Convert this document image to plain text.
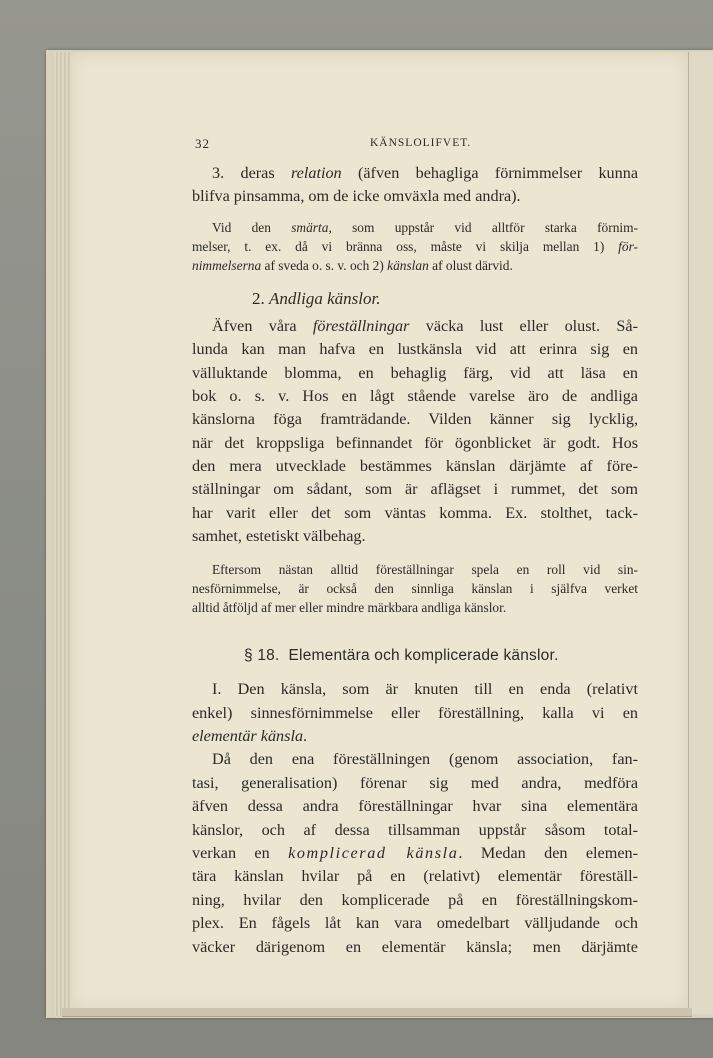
32	KÄNSLOLIFVET.
3. deras relation (äfven behagliga förnimmelser kunna
blifva pinsamma, om de icke omväxla med andra).
Vid den smärta, som uppstår vid alltför starka förnim-
melser, t. ex. då vi bränna oss, måste vi skilja mellan 1) för-
nimmelserna af sveda o. s. v. och 2) känslan af olust därvid.
2. Andliga känslor.
Äfven våra föreställningar väcka lust eller olust. Så-
lunda kan man hafva en lustkänsla vid att erinra sig en
välluktande blomma, en behaglig färg, vid att läsa en
bok o. s. v. Hos en lågt stående varelse äro de andliga
känslorna föga framträdande. Vilden känner sig lycklig,
när det kroppsliga befinnandet för ögonblicket är godt. Hos
den mera utvecklade bestämmes känslan därjämte af före-
ställningar om sådant, som är aflägset i rummet, det som
har varit eller det som väntas komma. Ex. stolthet, tack-
samhet, estetiskt välbehag.
Eftersom nästan alltid föreställningar spela en roll vid sin-
nesförnimmelse, är också den sinnliga känslan i själfva verket
alltid åtföljd af mer eller mindre märkbara andliga känslor.
§ 18. Elementära och komplicerade känslor.
I. Den känsla, som är knuten till en enda (relativt
enkel) sinnesförnimmelse eller föreställning, kalla vi en
elementär känsla.
Då den ena föreställningen (genom association, fan-
tasi, generalisation) förenar sig med andra, medföra
äfven dessa andra föreställningar hvar sina elementära
känslor, och af dessa tillsamman uppstår såsom total-
verkan en komplicerad känsla. Medan den elemen-
tära känslan hvilar på en (relativt) elementär föreställ-
ning, hvilar den komplicerade på en föreställningskom-
plex. En fågels låt kan vara omedelbart välljudande och
väcker därigenom en elementär känsla; men därjämte
